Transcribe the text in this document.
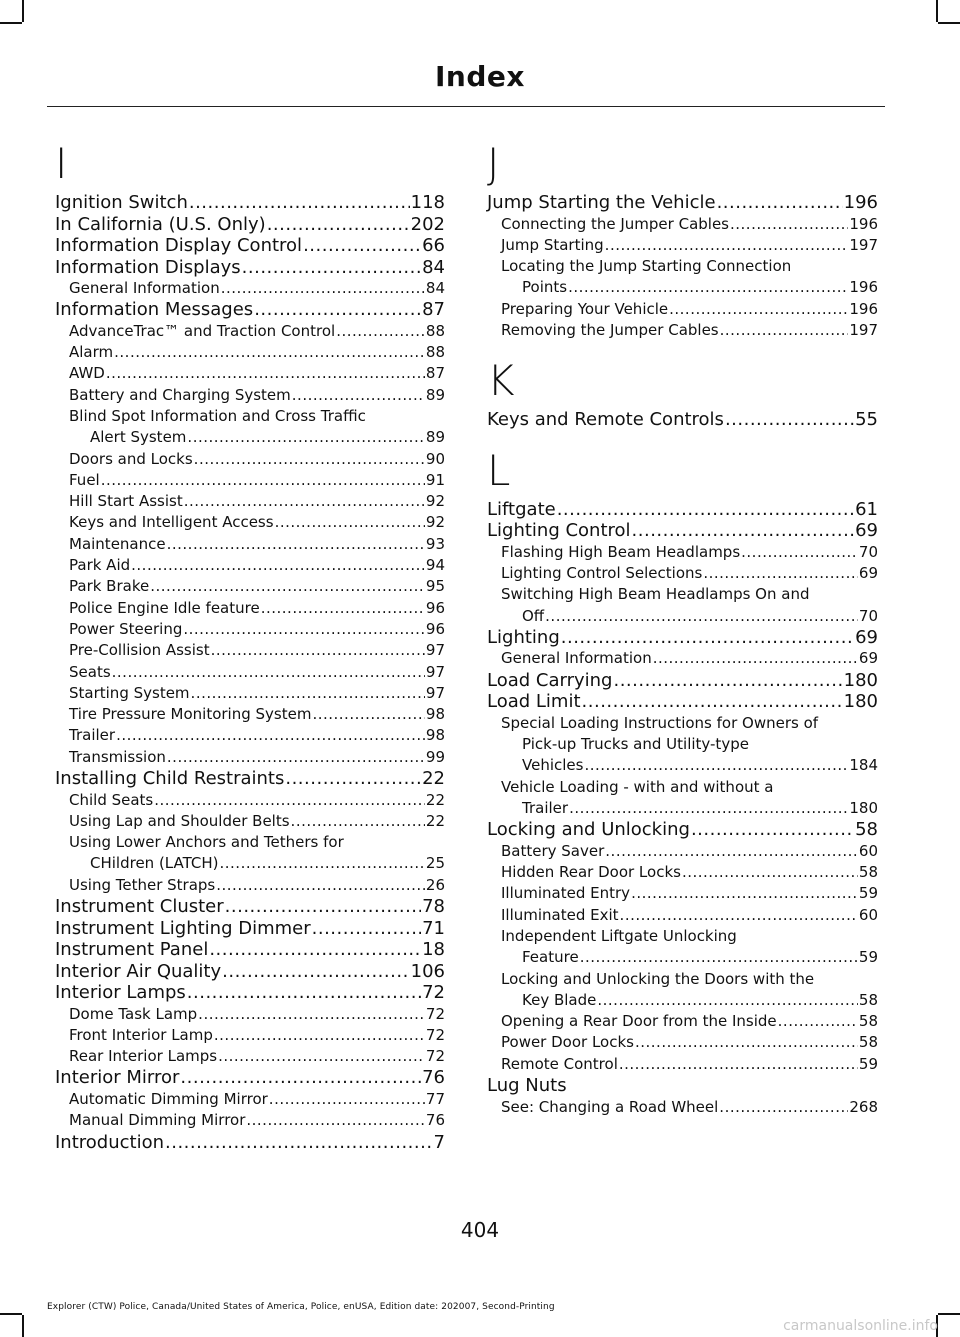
Index
I
Ignition Switch .....	118
In California (U.S. Only) .....	202
Information Display Control .....	66
Information Displays .....	84
General Information .....	84
Information Messages .....	87
AdvanceTrac™ and Traction Control .....	88
Alarm .....	88
AWD .....	87
Battery and Charging System .....	89
Blind Spot Information and Cross Traffic
Alert System .....	89
Doors and Locks .....	90
Fuel .....	91
Hill Start Assist .....	92
Keys and Intelligent Access .....	92
Maintenance .....	93
Park Aid .....	94
Park Brake .....	95
Police Engine Idle feature .....	96
Power Steering .....	96
Pre-Collision Assist .....	97
Seats .....	97
Starting System .....	97
Tire Pressure Monitoring System .....	98
Trailer .....	98
Transmission .....	99
Installing Child Restraints .....	22
Child Seats .....	22
Using Lap and Shoulder Belts .....	22
Using Lower Anchors and Tethers for
CHildren (LATCH) .....	25
Using Tether Straps .....	26
Instrument Cluster .....	78
Instrument Lighting Dimmer .....	71
Instrument Panel .....	18
Interior Air Quality .....	106
Interior Lamps .....	72
Dome Task Lamp .....	72
Front Interior Lamp .....	72
Rear Interior Lamps .....	72
Interior Mirror .....	76
Automatic Dimming Mirror .....	77
Manual Dimming Mirror .....	76
Introduction .....	7
J
Jump Starting the Vehicle .....	196
Connecting the Jumper Cables .....	196
Jump Starting .....	197
Locating the Jump Starting Connection
Points .....	196
Preparing Your Vehicle .....	196
Removing the Jumper Cables .....	197
K
Keys and Remote Controls .....	55
L
Liftgate .....	61
Lighting Control .....	69
Flashing High Beam Headlamps .....	70
Lighting Control Selections .....	69
Switching High Beam Headlamps On and
Off .....	70
Lighting .....	69
General Information .....	69
Load Carrying .....	180
Load Limit .....	180
Special Loading Instructions for Owners of
Pick-up Trucks and Utility-type
Vehicles .....	184
Vehicle Loading - with and without a
Trailer .....	180
Locking and Unlocking .....	58
Battery Saver .....	60
Hidden Rear Door Locks .....	58
Illuminated Entry .....	59
Illuminated Exit .....	60
Independent Liftgate Unlocking
Feature .....	59
Locking and Unlocking the Doors with the
Key Blade .....	58
Opening a Rear Door from the Inside .....	58
Power Door Locks .....	58
Remote Control .....	59
Lug Nuts
See: Changing a Road Wheel .....	268
404
Explorer (CTW) Police, Canada/United States of America, Police, enUSA, Edition date: 202007, Second-Printing
carmanualsonline.info
